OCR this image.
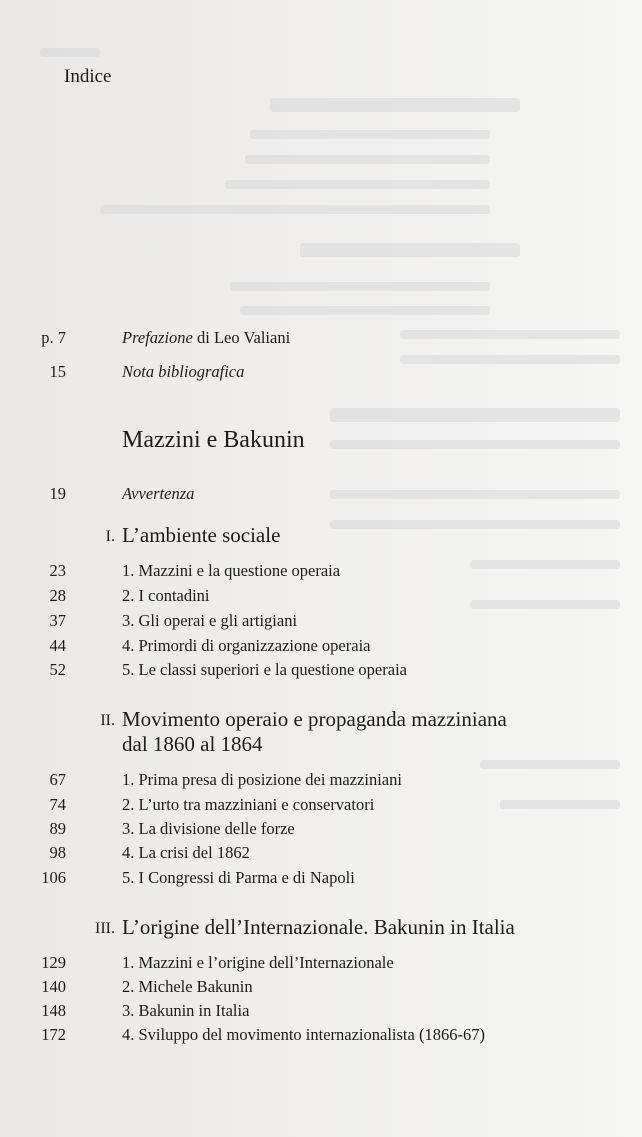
Indice
p. 7	Prefazione di Leo Valiani
15	Nota bibliografica
Mazzini e Bakunin
19	Avvertenza
I. L’ambiente sociale
23	1. Mazzini e la questione operaia
28	2. I contadini
37	3. Gli operai e gli artigiani
44	4. Primordi di organizzazione operaia
52	5. Le classi superiori e la questione operaia
II. Movimento operaio e propaganda mazziniana
dal 1860 al 1864
67	1. Prima presa di posizione dei mazziniani
74	2. L’urto tra mazziniani e conservatori
89	3. La divisione delle forze
98	4. La crisi del 1862
106	5. I Congressi di Parma e di Napoli
III. L’origine dell’Internazionale. Bakunin in Italia
129	1. Mazzini e l’origine dell’Internazionale
140	2. Michele Bakunin
148	3. Bakunin in Italia
172	4. Sviluppo del movimento internazionalista (1866-67)
